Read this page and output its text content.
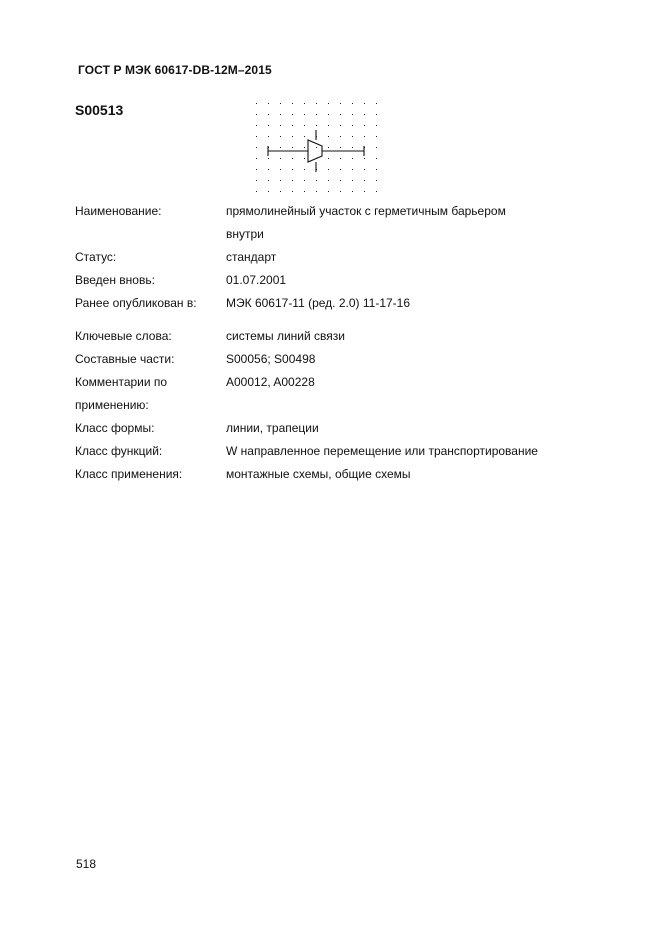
ГОСТ Р МЭК 60617-DB-12M–2015
S00513
Наименование:	прямолинейный участок с герметичным барьером внутри
Статус:	стандарт
Введен вновь:	01.07.2001
Ранее опубликован в:	МЭК 60617-11 (ред. 2.0) 11-17-16
Ключевые слова:	системы линий связи
Составные части:	S00056; S00498
Комментарии по применению:
A00012, A00228
Класс формы:	линии, трапеции
Класс функций:	W направленное перемещение или транспортирование
Класс применения:	монтажные схемы, общие схемы
518
